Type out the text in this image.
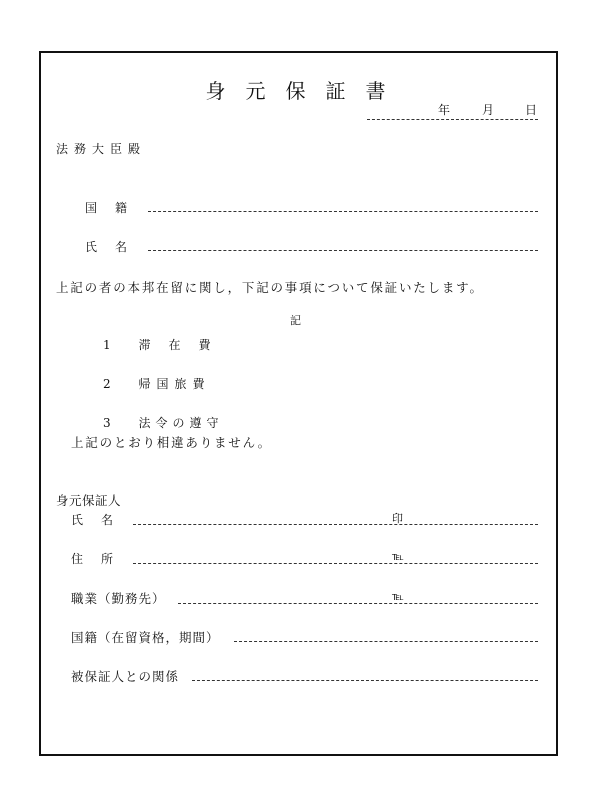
身元保証書
年	月	日
法務大臣殿
国籍
氏名
上記の者の本邦在留に関し，下記の事項について保証いたします。
記
1 滞在費
2 帰国旅費
3 法令の遵守
上記のとおり相違ありません。
身元保証人
氏名	印
住所	℡
職業（勤務先）	℡
国籍（在留資格，期間）
被保証人との関係
